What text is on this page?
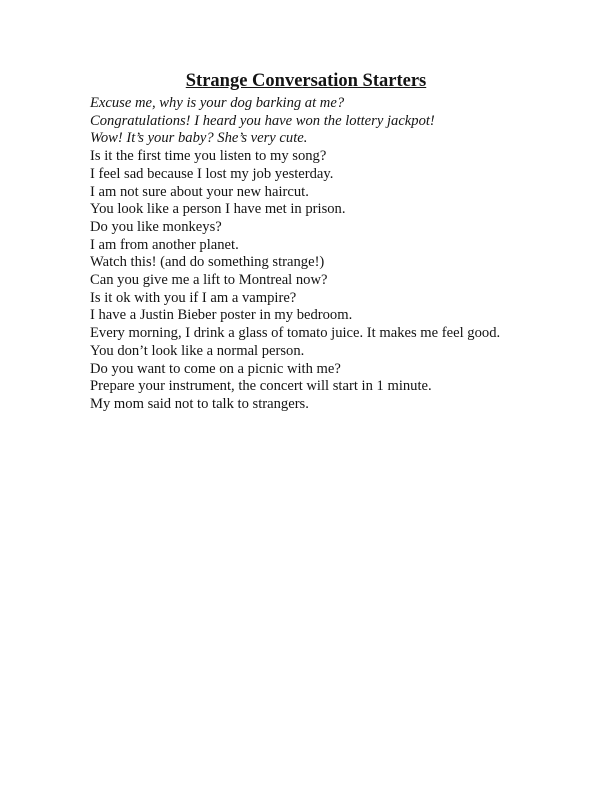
Strange Conversation Starters

Excuse me, why is your dog barking at me?

Congratulations! I heard you have won the lottery jackpot!

Wow! It’s your baby? She’s very cute.

Is it the first time you listen to my song?

I feel sad because I lost my job yesterday.

I am not sure about your new haircut.

You look like a person I have met in prison.

Do you like monkeys?

I am from another planet.

Watch this! (and do something strange!)

Can you give me a lift to Montreal now?

Is it ok with you if I am a vampire?

I have a Justin Bieber poster in my bedroom.

Every morning, I drink a glass of tomato juice. It makes me feel good.

You don’t look like a normal person.

Do you want to come on a picnic with me?

Prepare your instrument, the concert will start in 1 minute.

My mom said not to talk to strangers.
